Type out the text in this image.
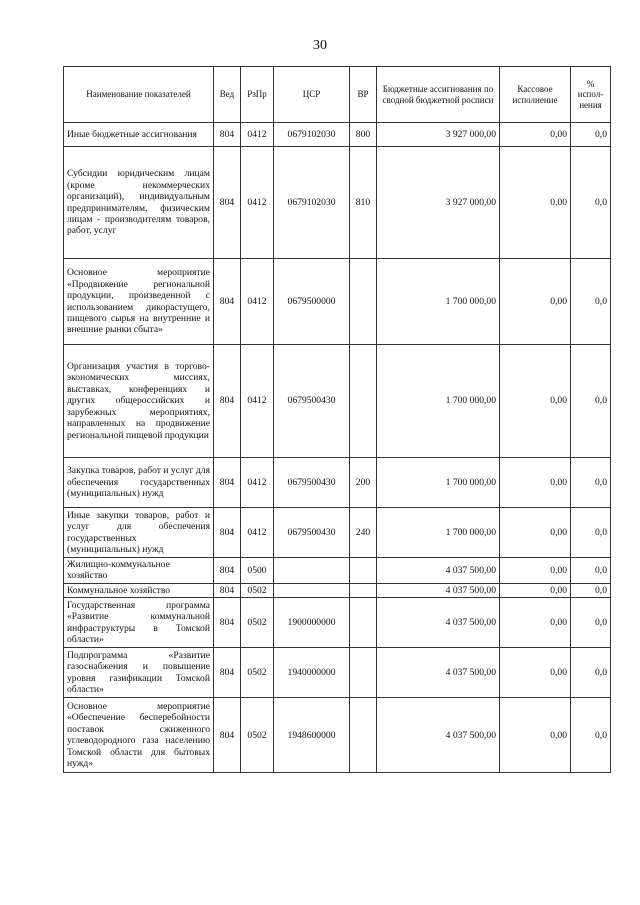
30
Наименование показателей	Вед	РзПр	ЦСР	ВР	Бюджетные ассигнования по сводной бюджетной росписи	Кассовое исполнение	% испол-нения
Иные бюджетные ассигнования	804	0412	0679102030	800	3 927 000,00	0,00	0,0
Субсидии юридическим лицам (кроме некоммерческих организаций), индивидуальным предпринимателям, физическим лицам - производителям товаров, работ, услуг	804	0412	0679102030	810	3 927 000,00	0,00	0,0
Основное мероприятие «Продвижение региональной продукции, произведенной с использованием дикорастущего, пищевого сырья на внутренние и внешние рынки сбыта»	804	0412	0679500000		1 700 000,00	0,00	0,0
Организация участия в торгово-экономических миссиях, выставках, конференциях и других общероссийских и зарубежных мероприятиях, направленных на продвижение региональной пищевой продукции	804	0412	0679500430		1 700 000,00	0,00	0,0
Закупка товаров, работ и услуг для обеспечения государственных (муниципальных) нужд	804	0412	0679500430	200	1 700 000,00	0,00	0,0
Иные закупки товаров, работ и услуг для обеспечения государственных (муниципальных) нужд	804	0412	0679500430	240	1 700 000,00	0,00	0,0
Жилищно-коммунальное хозяйство	804	0500			4 037 500,00	0,00	0,0
Коммунальное хозяйство	804	0502			4 037 500,00	0,00	0,0
Государственная программа «Развитие коммунальной инфраструктуры в Томской области»	804	0502	1900000000		4 037 500,00	0,00	0,0
Подпрограмма «Развитие газоснабжения и повышение уровня газификации Томской области»	804	0502	1940000000		4 037 500,00	0,00	0,0
Основное мероприятие «Обеспечение бесперебойности поставок сжиженного углеводородного газа населению Томской области для бытовых нужд»	804	0502	1948600000		4 037 500,00	0,00	0,0
